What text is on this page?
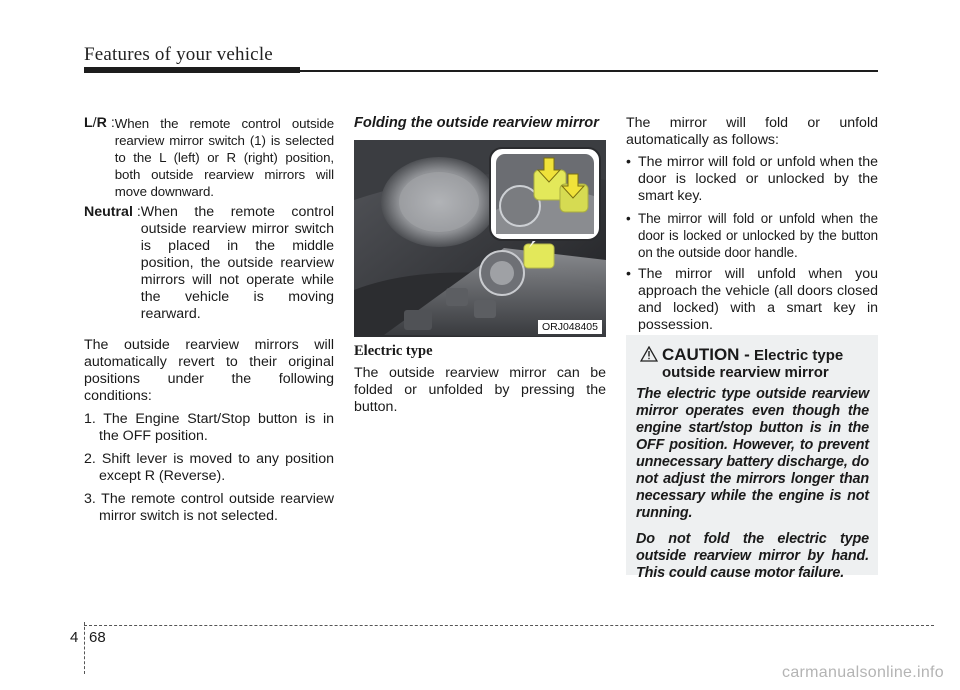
Features of your vehicle
L/R : When the remote control outside rearview mirror switch (1) is selected to the L (left) or R (right) position, both outside rearview mirrors will move downward.
Neutral : When the remote control outside rearview mirror switch is placed in the middle position, the outside rearview mirrors will not operate while the vehicle is moving rearward.

The outside rearview mirrors will automatically revert to their original positions under the following conditions:

1. The Engine Start/Stop button is in the OFF position.
2. Shift lever is moved to any position except R (Reverse).
3. The remote control outside rearview mirror switch is not selected.
Folding the outside rearview mirror
ORJ048405
Electric type

The outside rearview mirror can be folded or unfolded by pressing the button.

The mirror will fold or unfold automatically as follows:

• The mirror will fold or unfold when the door is locked or unlocked by the smart key.
• The mirror will fold or unfold when the door is locked or unlocked by the button on the outside door handle.
• The mirror will unfold when you approach the vehicle (all doors closed and locked) with a smart key in possession.
CAUTION - Electric type outside rearview mirror

The electric type outside rearview mirror operates even though the engine start/stop button is in the OFF position. However, to prevent unnecessary battery discharge, do not adjust the mirrors longer than necessary while the engine is not running.

Do not fold the electric type outside rearview mirror by hand. This could cause motor failure.

4 68
carmanualsonline.info
